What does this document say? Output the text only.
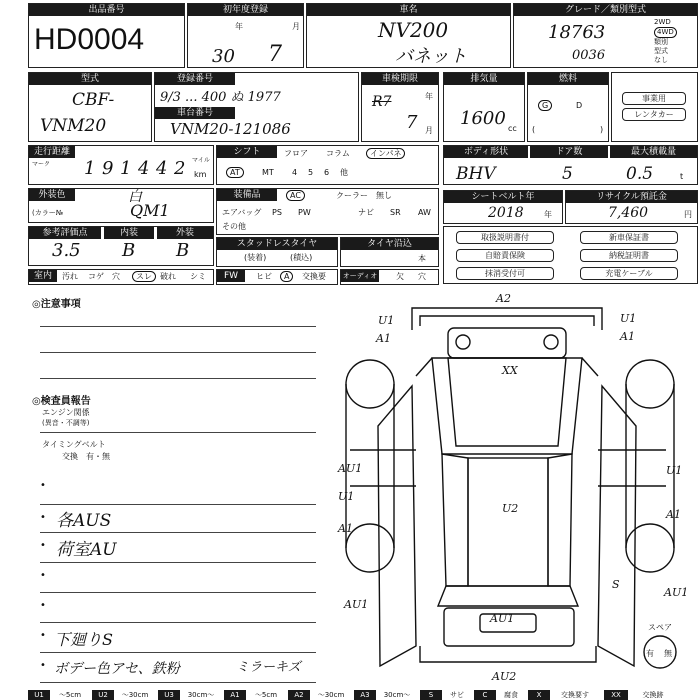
出品番号
HD0004
初年度登録
年	月
30 7
車名
NV200
バネット
グレード／類別型式
18763
0036
2WD
4WD
類別
型式
なし
型式
CBF-
VNM20
登録番号
9/3 ... 400 ぬ 1977
車台番号
VNM20-121086
車検期限
R7	年
7 月
排気量
1600 cc
燃料
G	D
(	)
事業用
レンタカー
走行距離
マーク 1 9 1 4 4 2 マイル
km
シフト	フロア コラム	インパネ
AT	MT 4 5 6 他
ボディ形状	ドア数	最大積載量
BHV	5	0.5	t
外装色	白
(カラー№	QM1
装備品	AC	クーラー 無し
エアバッグ PS PW	ナビ SR AW
その他
シートベルト年
2018	年
リサイクル預託金
7,460	円
参考評価点	内装	外装
3.5 B B	スタッドレスタイヤ
(装着)	(積込)
タイヤ沿込
本
取扱説明書付	新車保証書
自賠責保険	納税証明書
抹消受付可	充電ケーブル
室内	汚れ コゲ 穴	スレ	破れ シミ	FW	ヒビ	A	交換要 オーディオ 欠 穴
◎注意事項
◎検査員報告
エンジン関係
(異音・不調等)
タイミングベルト
交換　有・無
•
• 各AUS
• 荷室AU
•
•
• 下廻りS
• ボデー色アセ、鉄粉	ミラーキズ
A2
U1
A1
U1
A1
XX
AU1
U1
A1
U1
U2	A1
AU1
S
AU1
AU1
AU2
スペア
有 無
U1	～5cm	U2	～30cm	U3	30cm～	A1	～5cm	A2	～30cm	A3	30cm～	S	サビ	C	腐食	X	交換要す	XX	交換跡
